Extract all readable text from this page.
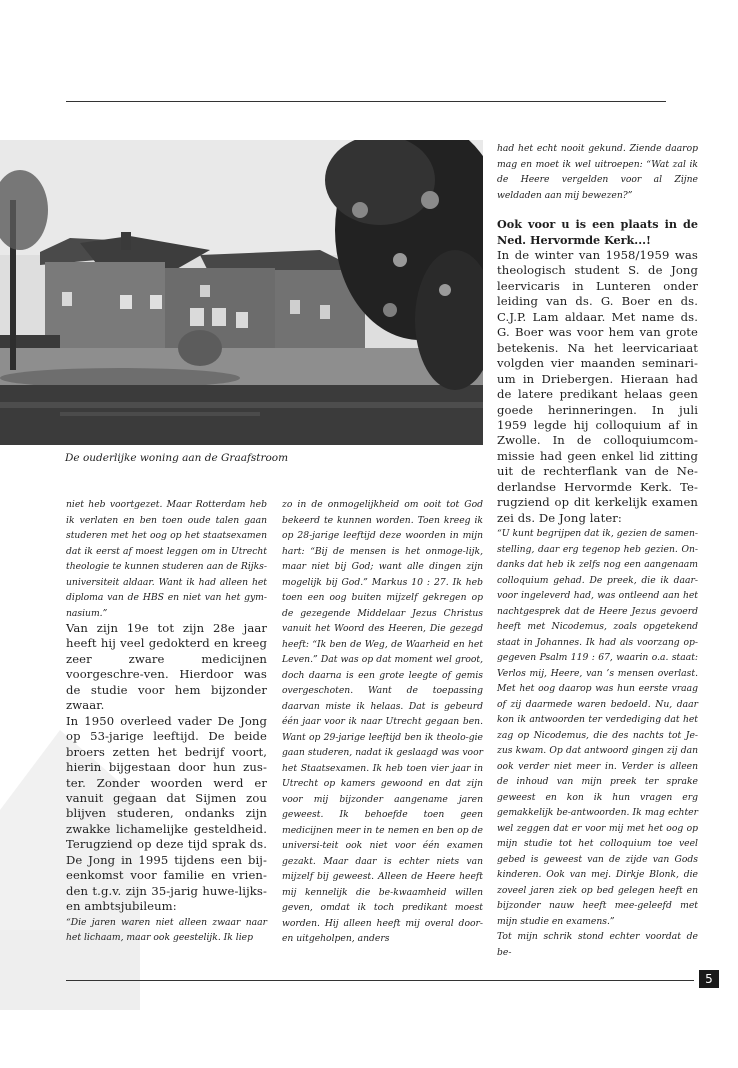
De ouderlijke woning aan de Graafstroom

niet heb voortgezet. Maar Rotterdam heb ik verlaten en ben toen oude talen gaan studeren met het oog op het staatsexamen dat ik eerst af moest leggen om in Utrecht theologie te kunnen studeren aan de Rijks-universiteit aldaar. Want ik had alleen het diploma van de HBS en niet van het gym-nasium.”

Van zijn 19e tot zijn 28e jaar heeft hij veel gedokterd en kreeg zeer zware medicijnen voorgeschre-ven. Hierdoor was de studie voor hem bijzonder zwaar.

In 1950 overleed vader De Jong op 53-jarige leeftijd. De beide broers zetten het bedrijf voort, hierin bijgestaan door hun zus-ter. Zonder woorden werd er vanuit gegaan dat Sijmen zou blijven studeren, ondanks zijn zwakke lichamelijke gesteldheid. Terugziend op deze tijd sprak ds. De Jong in 1995 tijdens een bij-eenkomst voor familie en vrien-den t.g.v. zijn 35-jarig huwe-lijks- en ambtsjubileum:

“Die jaren waren niet alleen zwaar naar het lichaam, maar ook geestelijk. Ik liep

zo in de onmogelijkheid om ooit tot God bekeerd te kunnen worden. Toen kreeg ik op 28-jarige leeftijd deze woorden in mijn hart: “Bij de mensen is het onmoge-lijk, maar niet bij God; want alle dingen zijn mogelijk bij God.” Markus 10 : 27. Ik heb toen een oog buiten mijzelf gekregen op de gezegende Middelaar Jezus Christus vanuit het Woord des Heeren, Die gezegd heeft: “Ik ben de Weg, de Waarheid en het Leven.” Dat was op dat moment wel groot, doch daarna is een grote leegte of gemis overgeschoten. Want de toepassing daarvan miste ik helaas. Dat is gebeurd één jaar voor ik naar Utrecht gegaan ben. Want op 29-jarige leeftijd ben ik theolo-gie gaan studeren, nadat ik geslaagd was voor het Staatsexamen. Ik heb toen vier jaar in Utrecht op kamers gewoond en dat zijn voor mij bijzonder aangename jaren geweest. Ik behoefde toen geen medicijnen meer in te nemen en ben op de universi-teit ook niet voor één examen gezakt. Maar daar is echter niets van mijzelf bij geweest. Alleen de Heere heeft mij kennelijk die be-kwaamheid willen geven, omdat ik toch predikant moest worden. Hij alleen heeft mij overal door- en uitgeholpen, anders

had het echt nooit gekund. Ziende daarop mag en moet ik wel uitroepen: “Wat zal ik de Heere vergelden voor al Zijne weldaden aan mij bewezen?”

Ook voor u is een plaats in de Ned. Hervormde Kerk...!

In de winter van 1958/1959 was theologisch student S. de Jong leervicaris in Lunteren onder leiding van ds. G. Boer en ds. C.J.P. Lam aldaar. Met name ds. G. Boer was voor hem van grote betekenis. Na het leervicariaat volgden vier maanden seminari-um in Driebergen. Hieraan had de latere predikant helaas geen goede herinneringen. In juli 1959 legde hij colloquium af in Zwolle. In de colloquiumcom-missie had geen enkel lid zitting uit de rechterflank van de Ne-derlandse Hervormde Kerk. Te-rugziend op dit kerkelijk examen zei ds. De Jong later:

“U kunt begrijpen dat ik, gezien de samen-stelling, daar erg tegenop heb gezien. On-danks dat heb ik zelfs nog een aangenaam colloquium gehad. De preek, die ik daar-voor ingeleverd had, was ontleend aan het nachtgesprek dat de Heere Jezus gevoerd heeft met Nicodemus, zoals opgetekend staat in Johannes. Ik had als voorzang op-gegeven Psalm 119 : 67, waarin o.a. staat: Verlos mij, Heere, van ’s mensen overlast. Met het oog daarop was hun eerste vraag of zij daarmede waren bedoeld. Nu, daar kon ik antwoorden ter verdediging dat het zag op Nicodemus, die des nachts tot Je-zus kwam. Op dat antwoord gingen zij dan ook verder niet meer in. Verder is alleen de inhoud van mijn preek ter sprake geweest en kon ik hun vragen erg gemakkelijk be-antwoorden. Ik mag echter wel zeggen dat er voor mij met het oog op mijn studie tot het colloquium toe veel gebed is geweest van de zijde van Gods kinderen. Ook van mej. Dirkje Blonk, die zoveel jaren ziek op bed gelegen heeft en bijzonder nauw heeft mee-geleefd met mijn studie en examens.”

Tot mijn schrik stond echter voordat de be-

5
